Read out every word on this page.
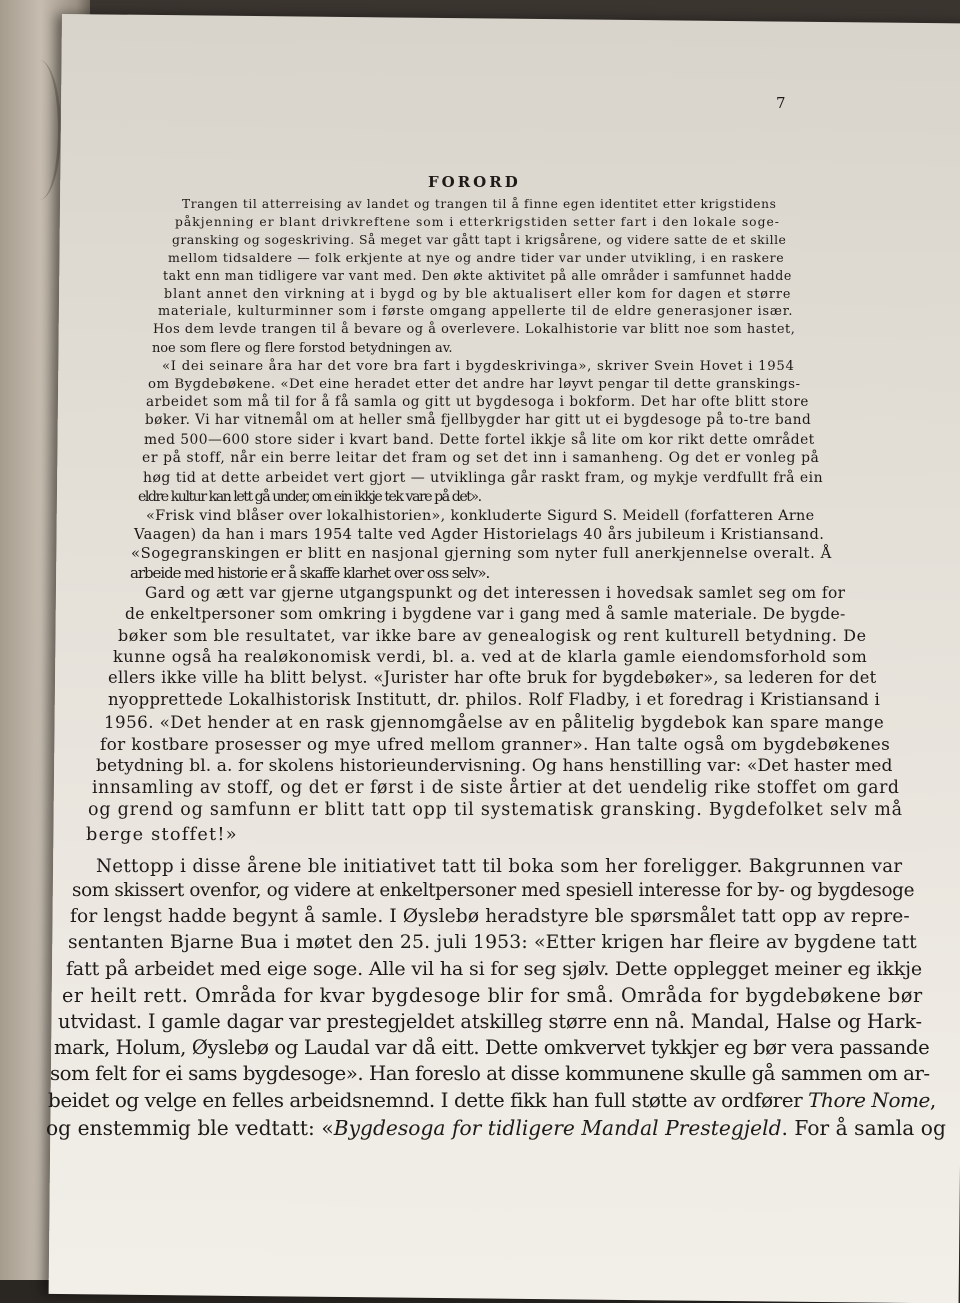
7
FORORD
Trangen til atterreising av landet og trangen til å finne egen identitet etter krigstidens
påkjenning er blant drivkreftene som i etterkrigstiden setter fart i den lokale soge-
gransking og sogeskriving. Så meget var gått tapt i krigsårene, og videre satte de et skille
mellom tidsaldere — folk erkjente at nye og andre tider var under utvikling, i en raskere
takt enn man tidligere var vant med. Den økte aktivitet på alle områder i samfunnet hadde
blant annet den virkning at i bygd og by ble aktualisert eller kom for dagen et større
materiale, kulturminner som i første omgang appellerte til de eldre generasjoner især.
Hos dem levde trangen til å bevare og å overlevere. Lokalhistorie var blitt noe som hastet,
noe som flere og flere forstod betydningen av.
«I dei seinare åra har det vore bra fart i bygdeskrivinga», skriver Svein Hovet i 1954
om Bygdebøkene. «Det eine heradet etter det andre har løyvt pengar til dette granskings-
arbeidet som må til for å få samla og gitt ut bygdesoga i bokform. Det har ofte blitt store
bøker. Vi har vitnemål om at heller små fjellbygder har gitt ut ei bygdesoge på to-tre band
med 500—600 store sider i kvart band. Dette fortel ikkje så lite om kor rikt dette området
er på stoff, når ein berre leitar det fram og set det inn i samanheng. Og det er vonleg på
høg tid at dette arbeidet vert gjort — utviklinga går raskt fram, og mykje verdfullt frå ein
eldre kultur kan lett gå under, om ein ikkje tek vare på det».
«Frisk vind blåser over lokalhistorien», konkluderte Sigurd S. Meidell (forfatteren Arne
Vaagen) da han i mars 1954 talte ved Agder Historielags 40 års jubileum i Kristiansand.
«Sogegranskingen er blitt en nasjonal gjerning som nyter full anerkjennelse overalt. Å
arbeide med historie er å skaffe klarhet over oss selv».
Gard og ætt var gjerne utgangspunkt og det interessen i hovedsak samlet seg om for
de enkeltpersoner som omkring i bygdene var i gang med å samle materiale. De bygde-
bøker som ble resultatet, var ikke bare av genealogisk og rent kulturell betydning. De
kunne også ha realøkonomisk verdi, bl. a. ved at de klarla gamle eiendomsforhold som
ellers ikke ville ha blitt belyst. «Jurister har ofte bruk for bygdebøker», sa lederen for det
nyopprettede Lokalhistorisk Institutt, dr. philos. Rolf Fladby, i et foredrag i Kristiansand i
1956. «Det hender at en rask gjennomgåelse av en pålitelig bygdebok kan spare mange
for kostbare prosesser og mye ufred mellom granner». Han talte også om bygdebøkenes
betydning bl. a. for skolens historieundervisning. Og hans henstilling var: «Det haster med
innsamling av stoff, og det er først i de siste årtier at det uendelig rike stoffet om gard
og grend og samfunn er blitt tatt opp til systematisk gransking. Bygdefolket selv må
berge stoffet!»
Nettopp i disse årene ble initiativet tatt til boka som her foreligger. Bakgrunnen var
som skissert ovenfor, og videre at enkeltpersoner med spesiell interesse for by- og bygdesoge
for lengst hadde begynt å samle. I Øyslebø heradstyre ble spørsmålet tatt opp av repre-
sentanten Bjarne Bua i møtet den 25. juli 1953: «Etter krigen har fleire av bygdene tatt
fatt på arbeidet med eige soge. Alle vil ha si for seg sjølv. Dette opplegget meiner eg ikkje
er heilt rett. Områda for kvar bygdesoge blir for små. Områda for bygdebøkene bør
utvidast. I gamle dagar var prestegjeldet atskilleg større enn nå. Mandal, Halse og Hark-
mark, Holum, Øyslebø og Laudal var då eitt. Dette omkvervet tykkjer eg bør vera passande
som felt for ei sams bygdesoge». Han foreslo at disse kommunene skulle gå sammen om ar-
beidet og velge en felles arbeidsnemnd. I dette fikk han full støtte av ordfører Thore Nome,
og enstemmig ble vedtatt: «Bygdesoga for tidligere Mandal Prestegjeld. For å samla og
